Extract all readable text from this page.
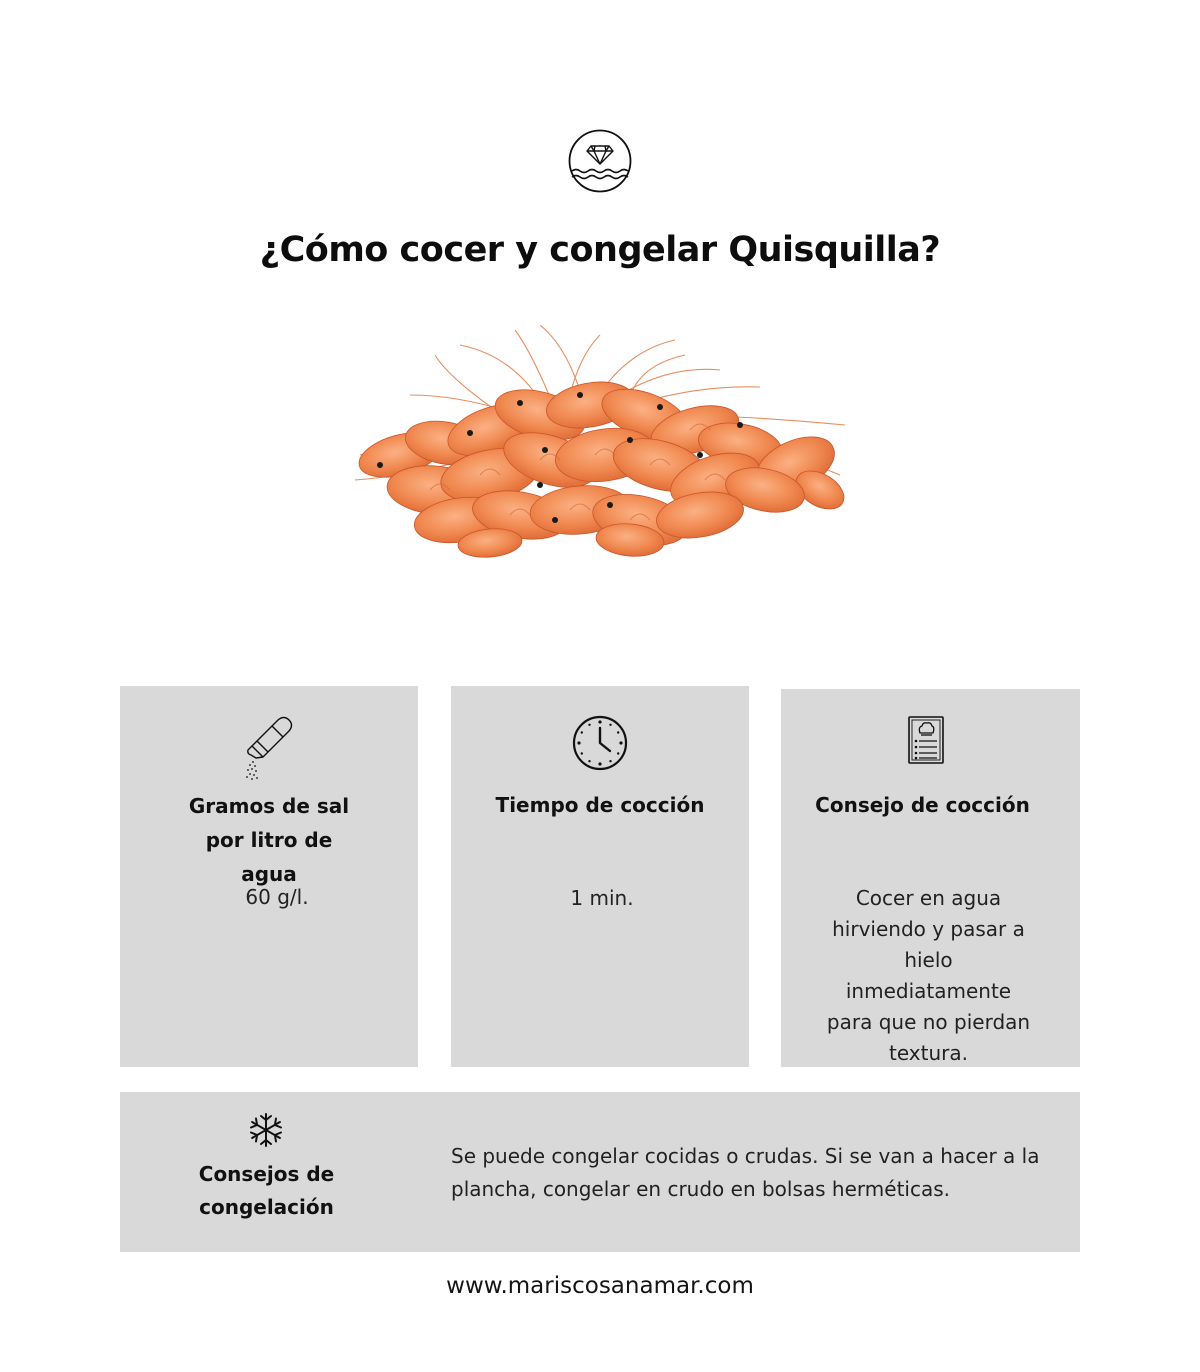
¿Cómo cocer y congelar Quisquilla?

Gramos de sal por litro de agua

60 g/l.

Tiempo de cocción

1 min.

Consejo de cocción

Cocer en agua hirviendo y pasar a hielo inmediatamente para que no pierdan textura.

Consejos de congelación

Se puede congelar cocidas o crudas. Si se van a hacer a la plancha, congelar en crudo en bolsas herméticas.

www.mariscosanamar.com
